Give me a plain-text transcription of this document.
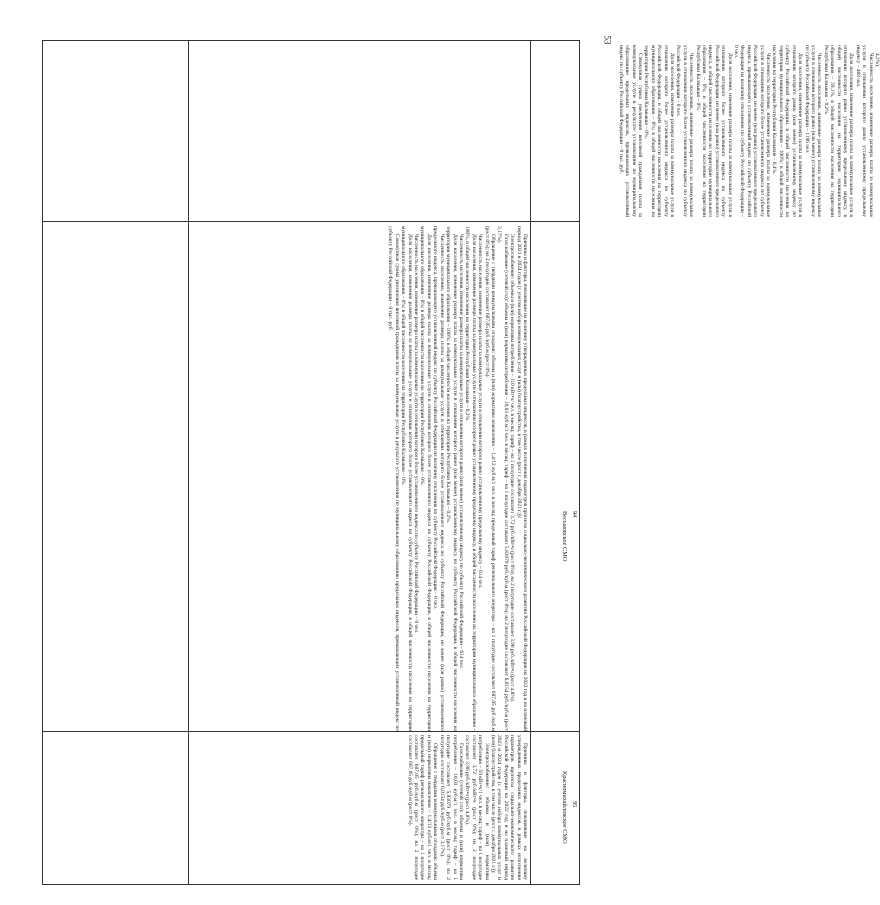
53

4,2%).

Численность населения, изменение размера платы за коммунальные услуги в отношении которого равно установленному предельному индексу – 468 чел.

Доля населения, изменение размера платы за коммунальные услуги в отношении которого равно установленному предельному индексу, в общей численности населения на территории муниципального образования – 39,1%, в общей численности населения на территории Республики Калмыкия – 0,2%.

Численность населения, изменение размера платы за коммунальные услуги в отношении которого равно (или менее) установленному индексу по субъекту Российской Федерации – 1196 чел.

Доля населения, изменение размера платы за коммунальные услуги в отношении которого равно (или менее) установленному индексу по субъекту Российской Федерации, в общей численности населения на территории муниципального образования – 100%; в общей численности населения на территории Республики Калмыкия – 0,4%.

Численность населения, изменение размера платы за коммунальные услуги в отношении которого более установленного индекса по субъекту Российской Федерации, но менее (или равно) установленного предельного индекса, превышающего установленный индекс по субъекту Российской Федерации на величину отклонения по субъекту Российской Федерации – 0 чел.

Доля населения, изменение размера платы за коммунальные услуги в отношении которого более установленного индекса по субъекту Российской Федерации, но менее (или равно) установленного предельного индекса, в общей численности населения на территории муниципального образования – 0%; в общей численности населения на территории Республики Калмыкия – 0%.

Численность населения, изменение размера платы за коммунальные услуги в отношении которого более установленного индекса по субъекту Российской Федерации – 0 чел.

Доля населения, изменение размера платы за коммунальные услуги в отношении которого более установленного индекса по субъекту Российской Федерации, в общей численности населения на территории муниципального образования – 0%; в общей численности населения на территории Республики Калмыкия – 0%.

Совокупная сумма увеличения вносимой гражданами платы за коммунальные услуги в результате установления по муниципальному образованию предельных индексов, превышающих установленный индекс по субъекту Российской Федерации – 0 тыс. руб.

94
Весьмовское СМО

Причины и факторы, повлиявшие на величину утвержденных предельных индексов, в рамках исполнения параметров прогноза социально-экономического развития Российской Федерации на 2022 год и на плановый период 2023 и 2024 годов (с учетом набора коммунальных услуг и (или) благоустройства, в том числе (рост с декабря 2021 г.)):

Электроснабжение: объемы и (или) нормативы потребления – 110 кВт•ч/ чел. в месяц; тариф – на 1 полугодие составляет 3,72 руб./кВт•ч (рост 0%); на 2 полугодие составляет 3,90 руб./кВт•ч (рост 4,8%).

Газоснабжение (сетевой газ): объемы и (или) нормативы потребления – 10,03 куб.м/1 чел. в месяц; тариф – на 1 полугодие составляет 5,83079 руб./куб.м (рост 0%); на 2 полугодие составляет 6,0154 руб./куб.м (рост 3,17%).

Обращение с твердыми коммунальными отходами: объемы и (или) нормативы накопления – 1,4/12 куб.м/1 чел. в месяц; предельный тариф регионального оператора – на 1 полугодие составляет 687,05 руб./куб.м (рост 0%); на 2 полугодие составляет 687,05 руб./куб.м (рост 0%).

Численность населения, изменение размера платы за коммунальные услуги в отношении которого равно установленному предельному индексу – 614 чел.

Доля населения, изменение размера платы за коммунальные услуги в отношении которого равно установленному предельному индексу, в общей численности населения на территории муниципального образования – 100%, в общей численности населения на территории Республики Калмыкия – 0,2%.

Численность населения, изменение размера платы за коммунальные услуги в отношении которого равно (или менее) установленному индексу по субъекту Российской Федерации – 614 чел.

Доля населения, изменение размера платы за коммунальные услуги в отношении которого равно (или менее) установленному индексу по субъекту Российской Федерации, в общей численности населения на территории муниципального образования – 100%; в общей численности населения на территории Республики Калмыкия – 0,2%.

Численность населения, изменение размера платы за коммунальные услуги в отношении которого более установленного индекса по субъекту Российской Федерации, но менее (или равно) установленного предельного индекса, превышающего установленный индекс по субъекту Российской Федерации на величину отклонения по субъекту Российской Федерации – 0 чел.

Доля населения, изменение размера платы за коммунальные услуги в отношении которого более установленного индекса по субъекту Российской Федерации, в общей численности населения на территории муниципального образования – 0%; в общей численности населения на территории Республики Калмыкия – 0%.

Численность населения, изменение размера платы за коммунальные услуги в отношении которого более установленного индекса по субъекту Российской Федерации – 0 чел.

Доля населения, изменение размера платы за коммунальные услуги в отношении которого более установленного индекса по субъекту Российской Федерации, в общей численности населения на территории муниципального образования – 0%; в общей численности населения на территории Республики Калмыкия – 0%.

Совокупная сумма увеличения вносимой гражданами платы за коммунальные услуги в результате установления по муниципальному образованию предельных индексов, превышающих установленный индекс по субъекту Российской Федерации – 0 тыс. руб.

95
Красномихайловское СМО

Причины и факторы, повлиявшие на величину утвержденных предельных индексов, в рамках исполнения параметров прогноза социально-экономического развития Российской Федерации на 2022 год и на плановый период 2023 и 2024 годов (с учетом набора коммунальных услуг и (или) благоустройства, в том числе (рост с декабря 2021 г.)):

Электроснабжение: объемы и (или) нормативы потребления – 59 кВт•ч/1 чел. в месяц; тариф – на 1 полугодие составляет 3,72 руб./кВт•ч (рост 0%); на 2 полугодие составляет 3,90 руб./кВт•ч (рост 4,8%).

Газоснабжение (сетевой газ): объемы и (или) нормативы потребления – 10,03 куб.м/1 чел. в месяц; тариф – на 1 полугодие составляет 5,83079 руб./куб.м (рост 0%); на 2 полугодие составляет 6,0154 руб./куб.м (рост 3,17%).

Обращение с твердыми коммунальными отходами: объемы и (или) нормативы накопления – 1,4/12 куб.м/1 чел. в месяц; предельный тариф регионального оператора – на 1 полугодие составляет 687,05 руб./куб.м (рост 0%); на 2 полугодие составляет 687,05 руб./куб.м (рост 0%).
